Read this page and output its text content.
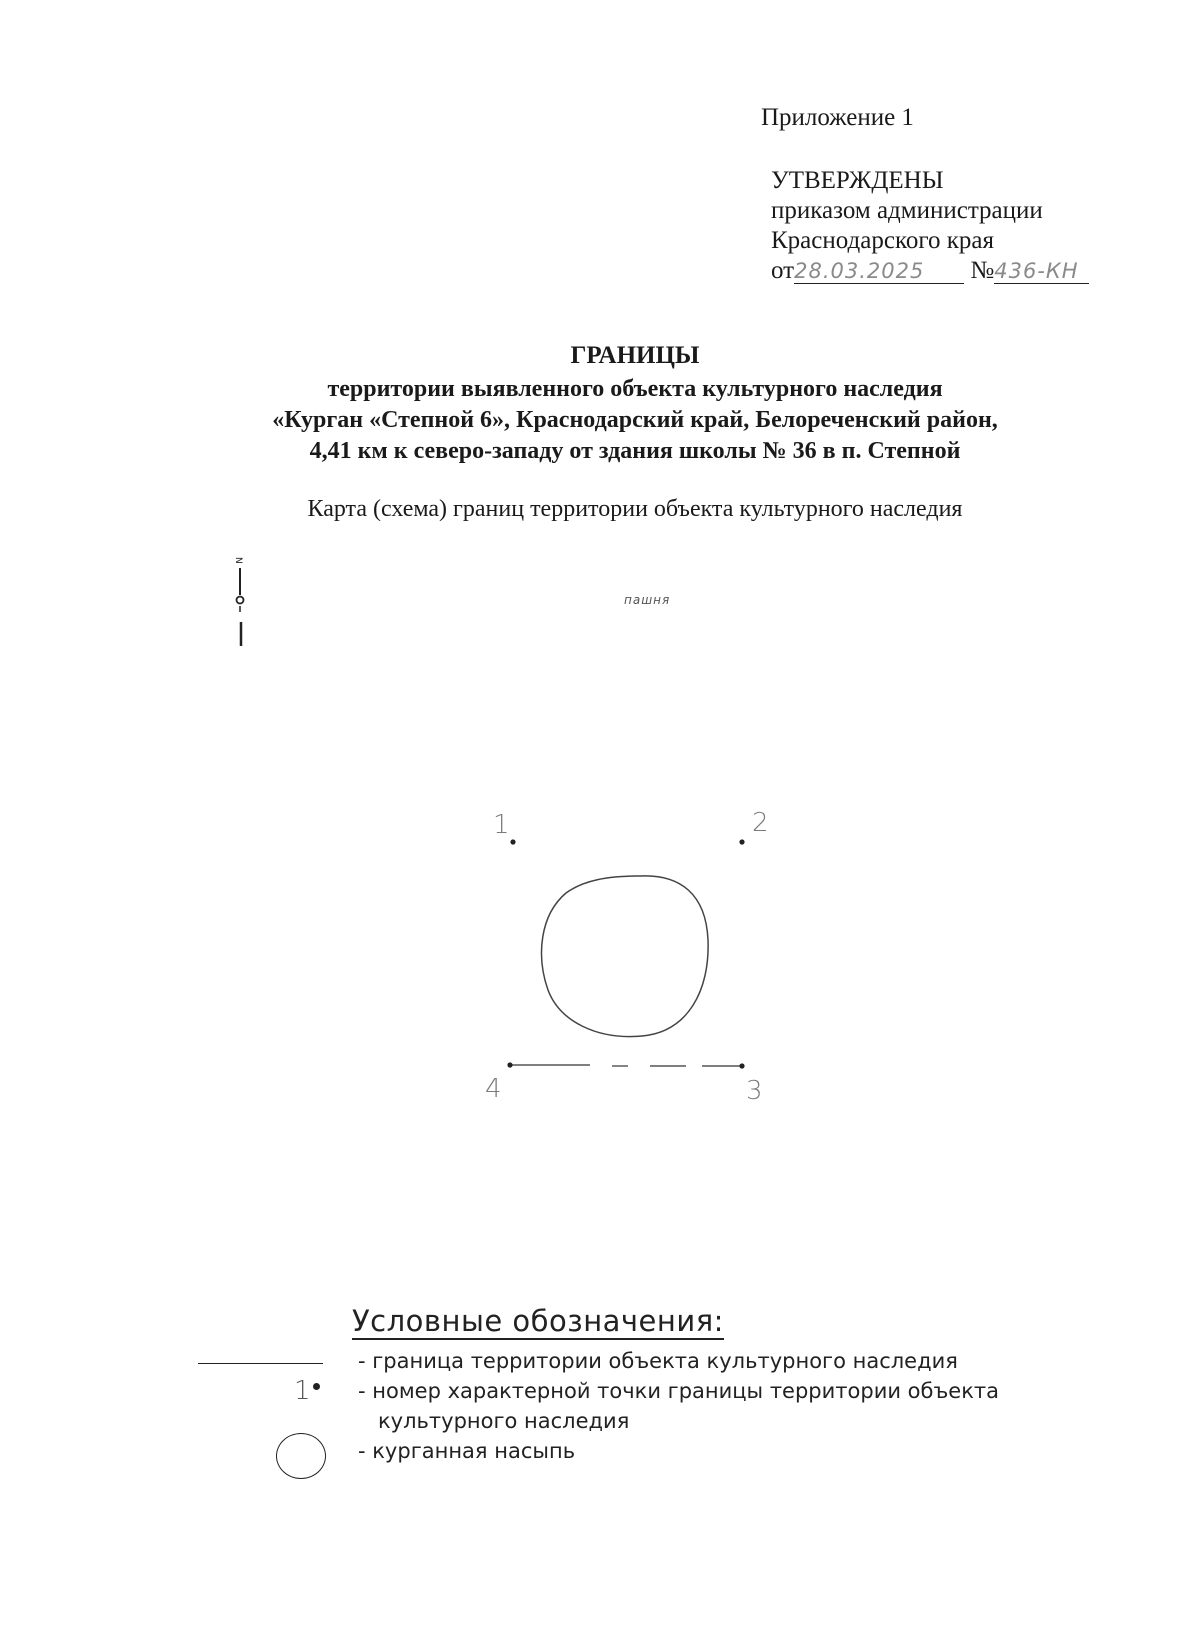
Приложение 1
УТВЕРЖДЕНЫ
приказом администрации
Краснодарского края
от28.03.2025 №436-КН
ГРАНИЦЫ
территории выявленного объекта культурного наследия
«Курган «Степной 6», Краснодарский край, Белореченский район,
4,41 км к северо-западу от здания школы № 36 в п. Степной
Карта (схема) границ территории объекта культурного наследия
N
пашня
1	2
3
4
Условные обозначения:
- граница территории объекта культурного наследия
1 - номер характерной точки границы территории объекта
культурного наследия
- курганная насыпь
